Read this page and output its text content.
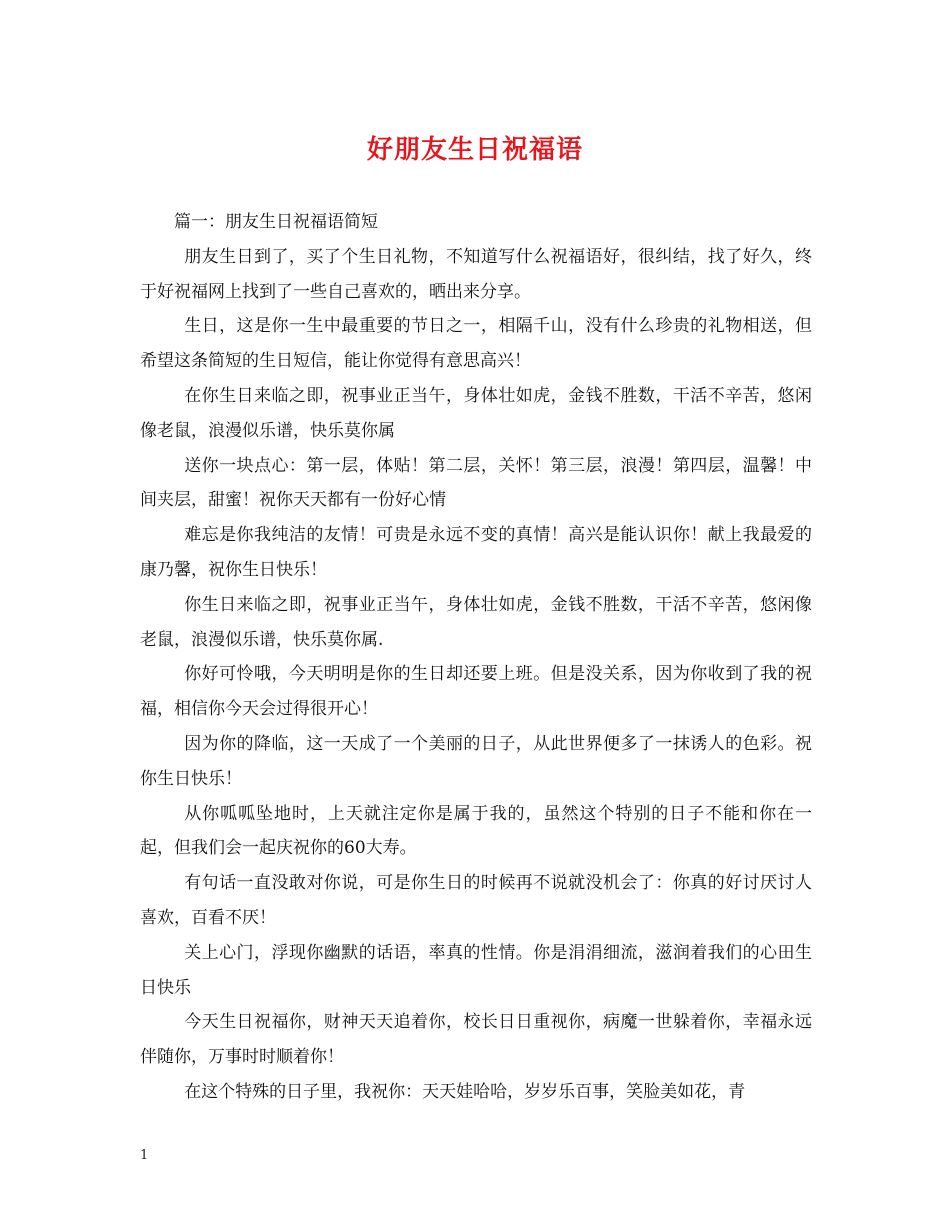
好朋友生日祝福语

篇一：朋友生日祝福语简短

朋友生日到了，买了个生日礼物，不知道写什么祝福语好，很纠结，找了好久，终于好祝福网上找到了一些自己喜欢的，晒出来分享。

生日，这是你一生中最重要的节日之一，相隔千山，没有什么珍贵的礼物相送，但希望这条简短的生日短信，能让你觉得有意思高兴！

在你生日来临之即，祝事业正当午，身体壮如虎，金钱不胜数，干活不辛苦，悠闲像老鼠，浪漫似乐谱，快乐莫你属

送你一块点心：第一层，体贴！第二层，关怀！第三层，浪漫！第四层，温馨！中间夹层，甜蜜！祝你天天都有一份好心情

难忘是你我纯洁的友情！可贵是永远不变的真情！高兴是能认识你！献上我最爱的康乃馨，祝你生日快乐！

你生日来临之即，祝事业正当午，身体壮如虎，金钱不胜数，干活不辛苦，悠闲像老鼠，浪漫似乐谱，快乐莫你属.

你好可怜哦，今天明明是你的生日却还要上班。但是没关系，因为你收到了我的祝福，相信你今天会过得很开心！

因为你的降临，这一天成了一个美丽的日子，从此世界便多了一抹诱人的色彩。祝你生日快乐！

从你呱呱坠地时，上天就注定你是属于我的，虽然这个特别的日子不能和你在一起，但我们会一起庆祝你的60大寿。

有句话一直没敢对你说，可是你生日的时候再不说就没机会了：你真的好讨厌讨人喜欢，百看不厌！

关上心门，浮现你幽默的话语，率真的性情。你是涓涓细流，滋润着我们的心田生日快乐

今天生日祝福你，财神天天追着你，校长日日重视你，病魔一世躲着你，幸福永远伴随你，万事时时顺着你！

在这个特殊的日子里，我祝你：天天娃哈哈，岁岁乐百事，笑脸美如花，青

1
